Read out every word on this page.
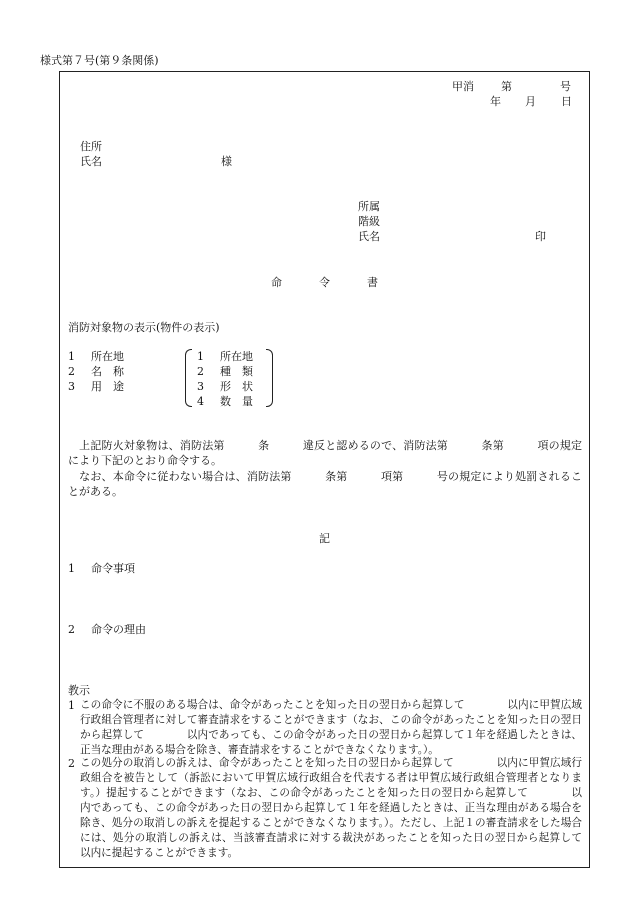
様式第７号(第９条関係)
甲消 第	号
年 月 日
住所
氏名	様
所属
階級
氏名	印
命	令	書
消防対象物の表示(物件の表示)
1 所在地
2 名　称
3 用　途
1 所在地
2 種　類
3 形　状
4 数　量
　上記防火対象物は、消防法第　　　条　　　違反と認めるので、消防法第　　　条第　　　項の規定により下記のとおり命令する。
　なお、本命令に従わない場合は、消防法第　　　条第　　　項第　　　号の規定により処罰されることがある。
記
1 命令事項
2 命令の理由
教示
1 この命令に不服のある場合は、命令があったことを知った日の翌日から起算して　　　　以内に甲賀広域行政組合管理者に対して審査請求をすることができます（なお、この命令があったことを知った日の翌日から起算して　　　　以内であっても、この命令があった日の翌日から起算して１年を経過したときは、正当な理由がある場合を除き、審査請求をすることができなくなります。）。
2 この処分の取消しの訴えは、命令があったことを知った日の翌日から起算して　　　　以内に甲賀広域行政組合を被告として（訴訟において甲賀広域行政組合を代表する者は甲賀広域行政組合管理者となります。）提起することができます（なお、この命令があったことを知った日の翌日から起算して　　　　以内であっても、この命令があった日の翌日から起算して１年を経過したときは、正当な理由がある場合を除き、処分の取消しの訴えを提起することができなくなります。）。ただし、上記１の審査請求をした場合には、処分の取消しの訴えは、当該審査請求に対する裁決があったことを知った日の翌日から起算して　　　　以内に提起することができます。
